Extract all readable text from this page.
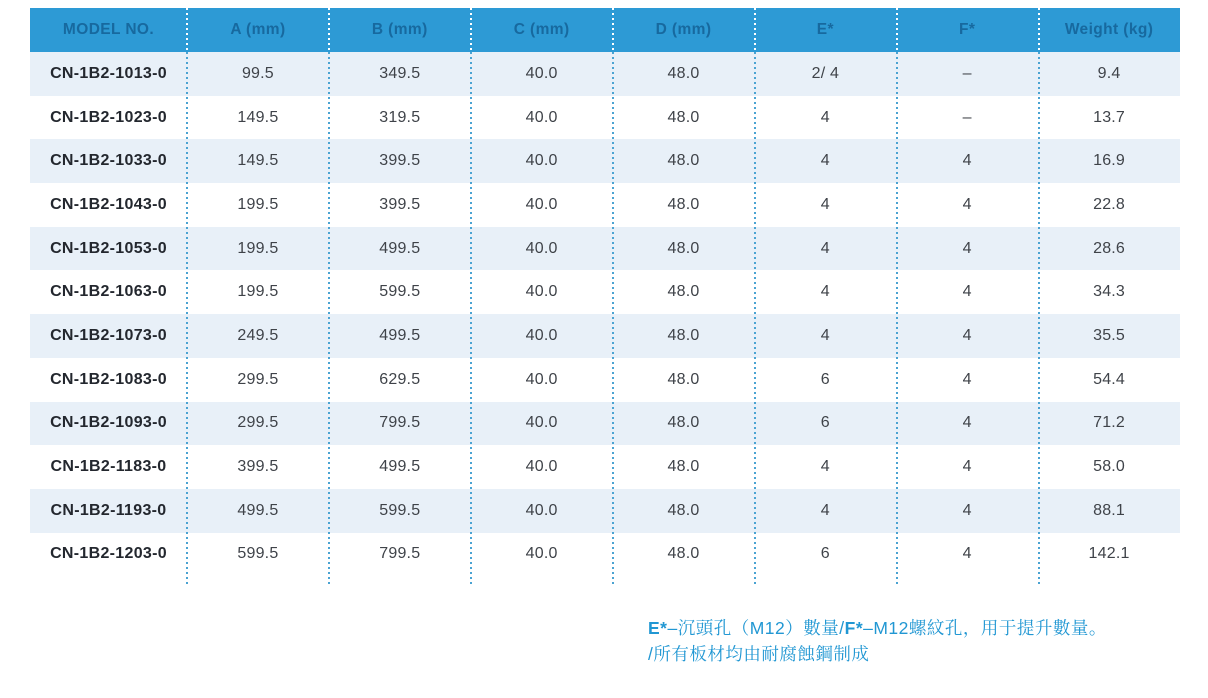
MODEL NO.	A (mm)	B (mm)	C (mm)	D (mm)	E*	F*	Weight (kg)
CN-1B2-1013-0	99.5	349.5	40.0	48.0	2/ 4	–	9.4
CN-1B2-1023-0	149.5	319.5	40.0	48.0	4	–	13.7
CN-1B2-1033-0	149.5	399.5	40.0	48.0	4	4	16.9
CN-1B2-1043-0	199.5	399.5	40.0	48.0	4	4	22.8
CN-1B2-1053-0	199.5	499.5	40.0	48.0	4	4	28.6
CN-1B2-1063-0	199.5	599.5	40.0	48.0	4	4	34.3
CN-1B2-1073-0	249.5	499.5	40.0	48.0	4	4	35.5
CN-1B2-1083-0	299.5	629.5	40.0	48.0	6	4	54.4
CN-1B2-1093-0	299.5	799.5	40.0	48.0	6	4	71.2
CN-1B2-1183-0	399.5	499.5	40.0	48.0	4	4	58.0
CN-1B2-1193-0	499.5	599.5	40.0	48.0	4	4	88.1
CN-1B2-1203-0	599.5	799.5	40.0	48.0	6	4	142.1
E*–沉頭孔（M12）數量/F*–M12螺紋孔，用于提升數量。
/所有板材均由耐腐蝕鋼制成
